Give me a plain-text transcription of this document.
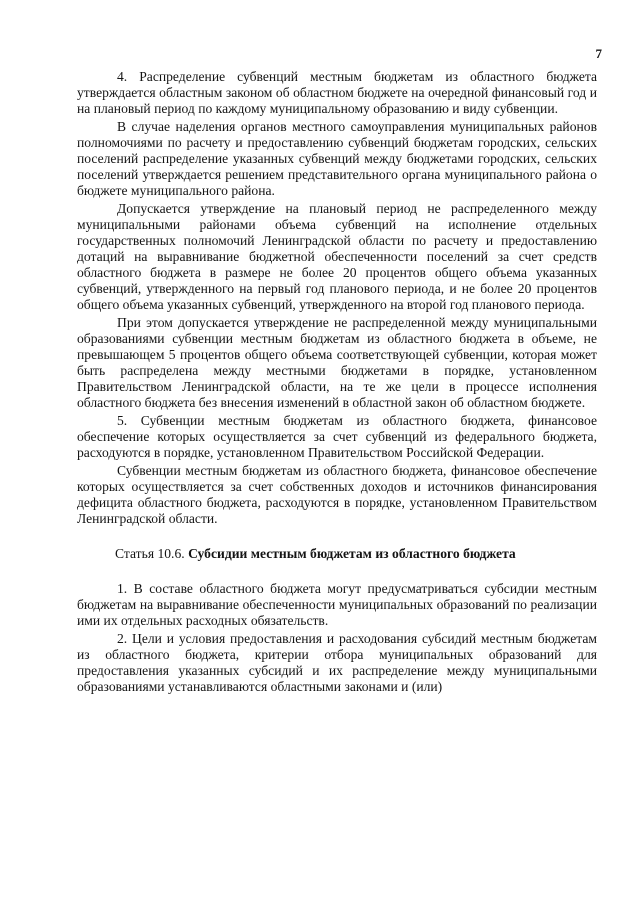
7

4. Распределение субвенций местным бюджетам из областного бюджета утверждается областным законом об областном бюджете на очередной финансовый год и на плановый период по каждому муниципальному образованию и виду субвенции.

В случае наделения органов местного самоуправления муниципальных районов полномочиями по расчету и предоставлению субвенций бюджетам городских, сельских поселений распределение указанных субвенций между бюджетами городских, сельских поселений утверждается решением представительного органа муниципального района о бюджете муниципального района.

Допускается утверждение на плановый период не распределенного между муниципальными районами объема субвенций на исполнение отдельных государственных полномочий Ленинградской области по расчету и предоставлению дотаций на выравнивание бюджетной обеспеченности поселений за счет средств областного бюджета в размере не более 20 процентов общего объема указанных субвенций, утвержденного на первый год планового периода, и не более 20 процентов общего объема указанных субвенций, утвержденного на второй год планового периода.

При этом допускается утверждение не распределенной между муниципальными образованиями субвенции местным бюджетам из областного бюджета в объеме, не превышающем 5 процентов общего объема соответствующей субвенции, которая может быть распределена между местными бюджетами в порядке, установленном Правительством Ленинградской области, на те же цели в процессе исполнения областного бюджета без внесения изменений в областной закон об областном бюджете.

5. Субвенции местным бюджетам из областного бюджета, финансовое обеспечение которых осуществляется за счет субвенций из федерального бюджета, расходуются в порядке, установленном Правительством Российской Федерации.

Субвенции местным бюджетам из областного бюджета, финансовое обеспечение которых осуществляется за счет собственных доходов и источников финансирования дефицита областного бюджета, расходуются в порядке, установленном Правительством Ленинградской области.

Статья 10.6. Субсидии местным бюджетам из областного бюджета

1. В составе областного бюджета могут предусматриваться субсидии местным бюджетам на выравнивание обеспеченности муниципальных образований по реализации ими их отдельных расходных обязательств.

2. Цели и условия предоставления и расходования субсидий местным бюджетам из областного бюджета, критерии отбора муниципальных образований для предоставления указанных субсидий и их распределение между муниципальными образованиями устанавливаются областными законами и (или)
